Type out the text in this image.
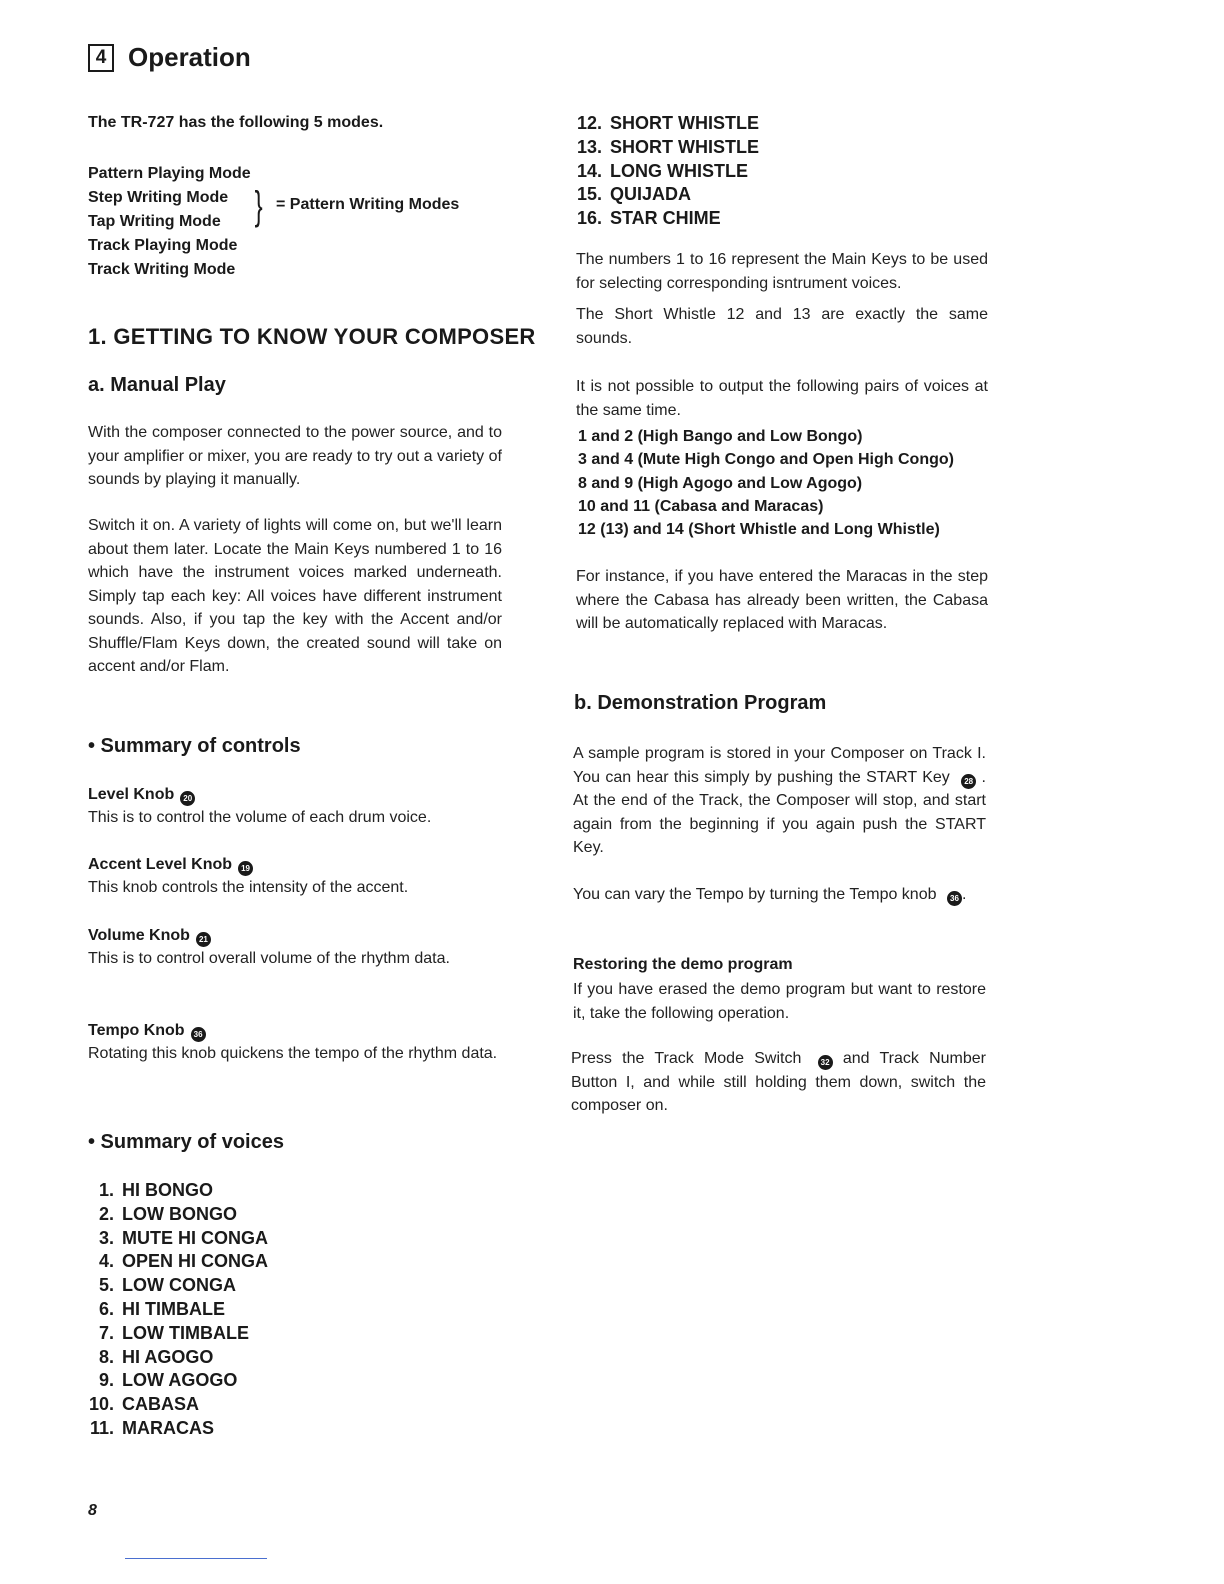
4 Operation
The TR-727 has the following 5 modes.
Pattern Playing Mode
Step Writing Mode
Tap Writing Mode
Track Playing Mode
Track Writing Mode
} = Pattern Writing Modes
1. GETTING TO KNOW YOUR COMPOSER
a. Manual Play
With the composer connected to the power source, and to your amplifier or mixer, you are ready to try out a variety of sounds by playing it manually.
Switch it on. A variety of lights will come on, but we'll learn about them later. Locate the Main Keys numbered 1 to 16 which have the instrument voices marked underneath. Simply tap each key: All voices have different instrument sounds. Also, if you tap the key with the Accent and/or Shuffle/Flam Keys down, the created sound will take on accent and/or Flam.
• Summary of controls
Level Knob 20
This is to control the volume of each drum voice.
Accent Level Knob 19
This knob controls the intensity of the accent.
Volume Knob 21
This is to control overall volume of the rhythm data.
Tempo Knob 36
Rotating this knob quickens the tempo of the rhythm data.
• Summary of voices
1. HI BONGO
2. LOW BONGO
3. MUTE HI CONGA
4. OPEN HI CONGA
5. LOW CONGA
6. HI TIMBALE
7. LOW TIMBALE
8. HI AGOGO
9. LOW AGOGO
10. CABASA
11. MARACAS
12. SHORT WHISTLE
13. SHORT WHISTLE
14. LONG WHISTLE
15. QUIJADA
16. STAR CHIME
The numbers 1 to 16 represent the Main Keys to be used for selecting corresponding isntrument voices.
The Short Whistle 12 and 13 are exactly the same sounds.
It is not possible to output the following pairs of voices at the same time.
1 and 2 (High Bango and Low Bongo)
3 and 4 (Mute High Congo and Open High Congo)
8 and 9 (High Agogo and Low Agogo)
10 and 11 (Cabasa and Maracas)
12 (13) and 14 (Short Whistle and Long Whistle)
For instance, if you have entered the Maracas in the step where the Cabasa has already been written, the Cabasa will be automatically replaced with Maracas.
b. Demonstration Program
A sample program is stored in your Composer on Track I. You can hear this simply by pushing the START Key 28 . At the end of the Track, the Composer will stop, and start again from the beginning if you again push the START Key.
You can vary the Tempo by turning the Tempo knob 36 .
Restoring the demo program
If you have erased the demo program but want to restore it, take the following operation.
Press the Track Mode Switch 32 and Track Number Button I, and while still holding them down, switch the composer on.
8
